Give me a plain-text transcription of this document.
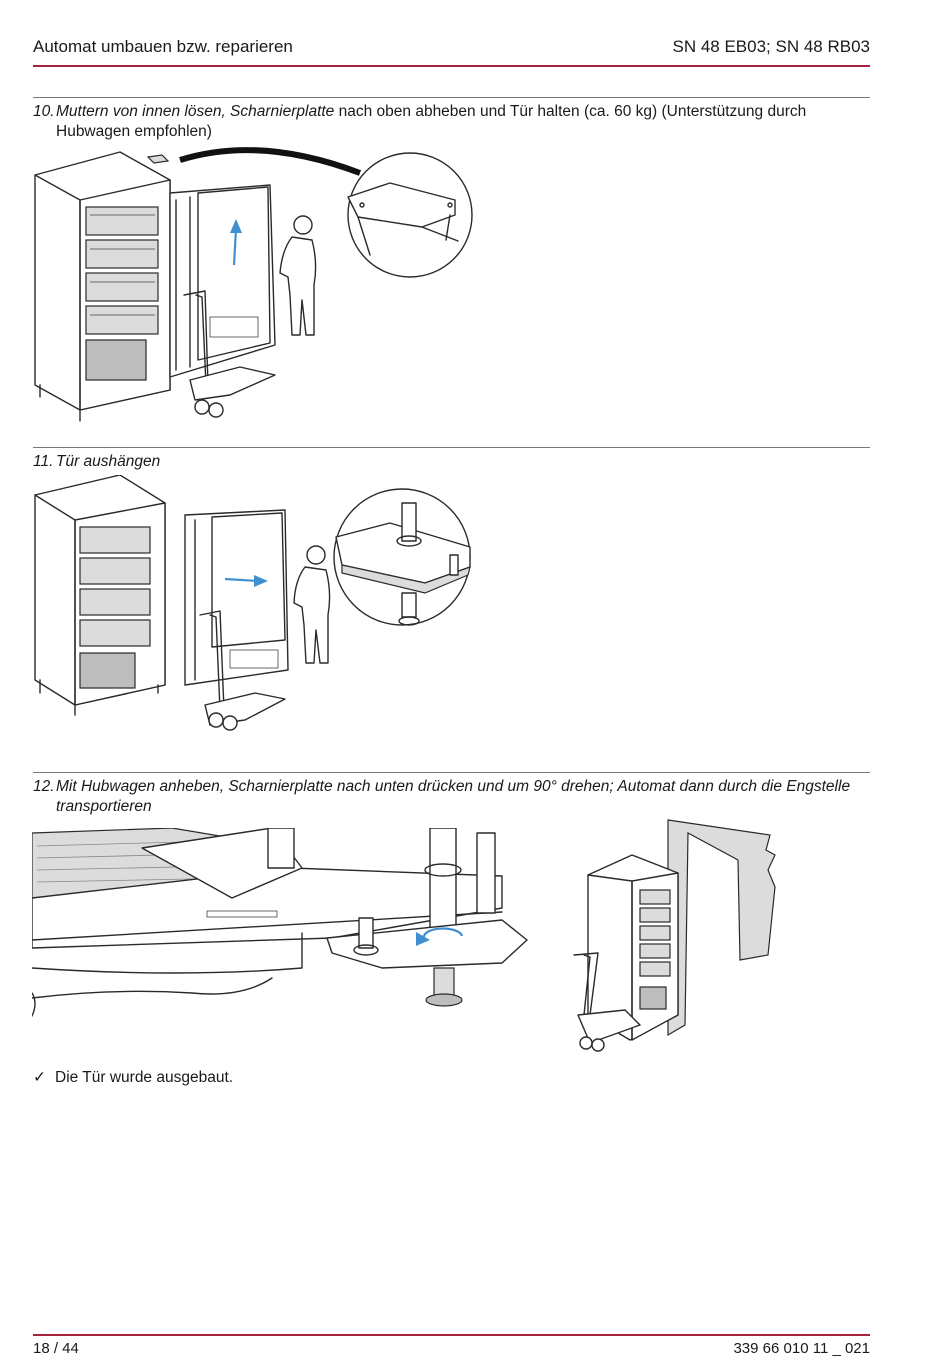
Automat umbauen bzw. reparieren	SN 48 EB03; SN 48 RB03
10. Muttern von innen lösen, Scharnierplatte nach oben abheben und Tür halten (ca. 60 kg) (Unterstützung durch Hubwagen empfohlen)
11. Tür aushängen
12. Mit Hubwagen anheben, Scharnierplatte nach unten drücken und um 90° drehen; Automat dann durch die Engstelle transportieren
✓ Die Tür wurde ausgebaut.
18 / 44	339 66 010 11 _ 021
